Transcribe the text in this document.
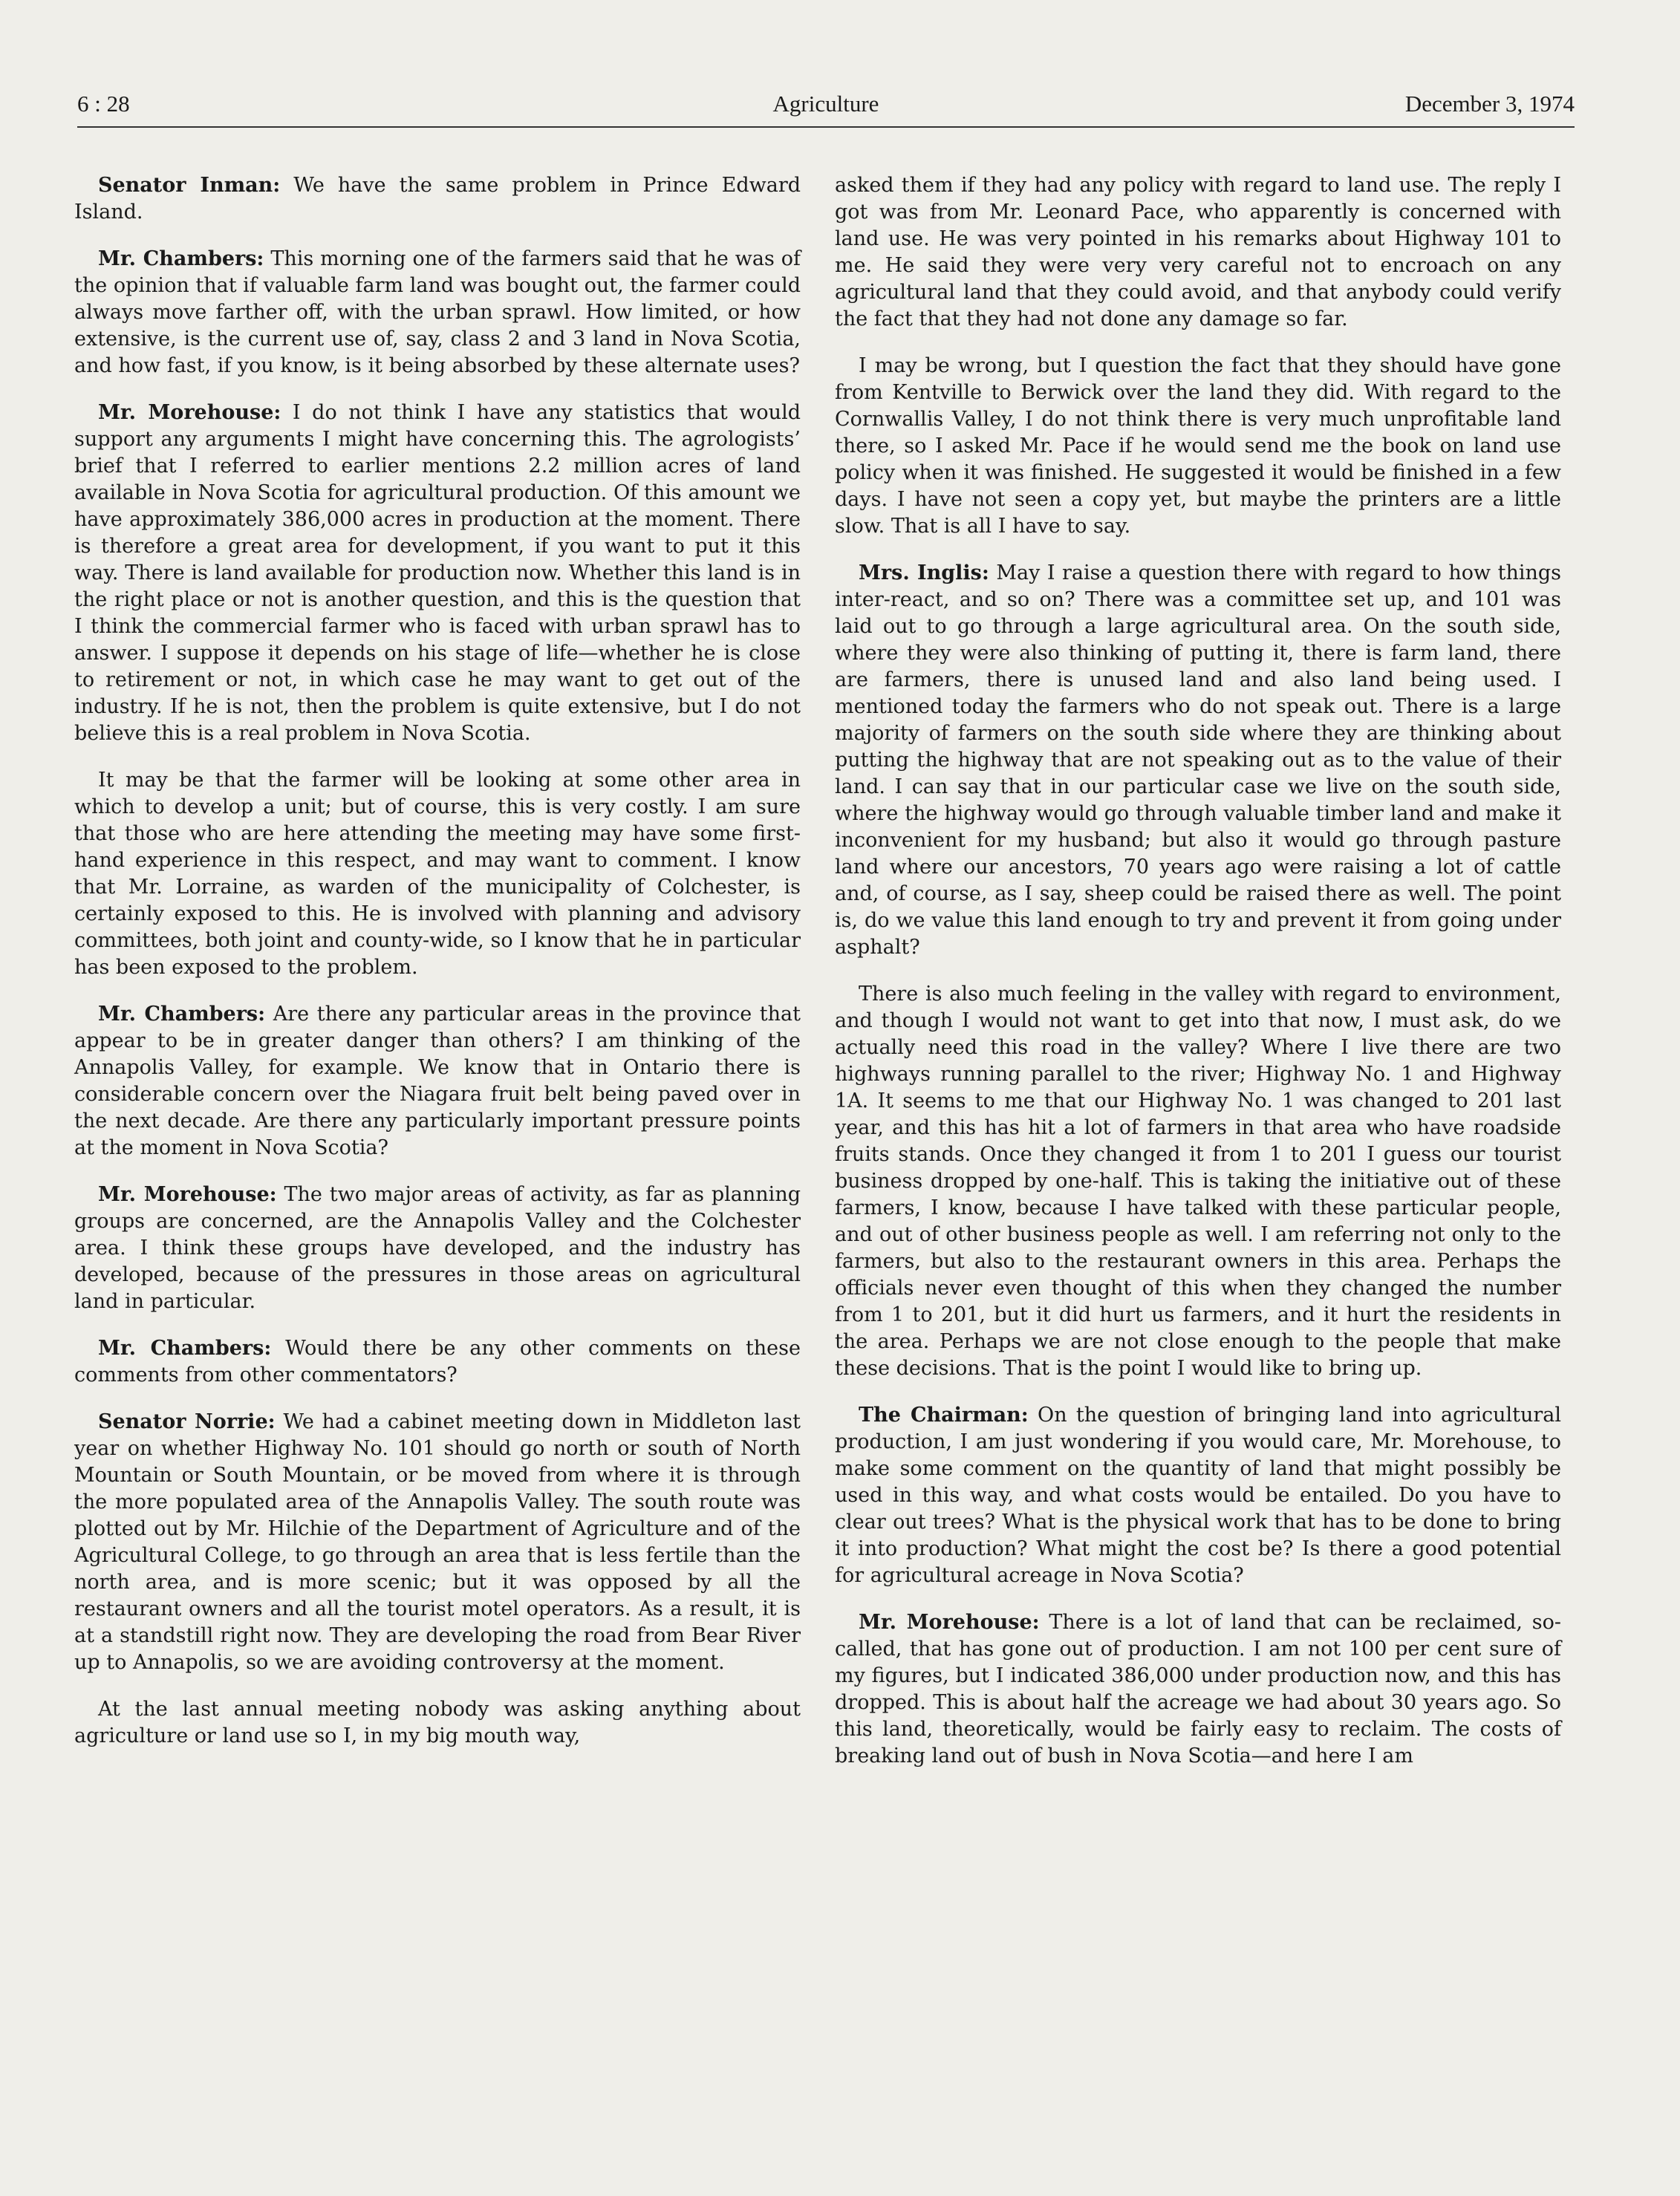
6 : 28	Agriculture	December 3, 1974

Senator Inman: We have the same problem in Prince Edward Island.

Mr. Chambers: This morning one of the farmers said that he was of the opinion that if valuable farm land was bought out, the farmer could always move farther off, with the urban sprawl. How limited, or how extensive, is the current use of, say, class 2 and 3 land in Nova Scotia, and how fast, if you know, is it being absorbed by these alternate uses?

Mr. Morehouse: I do not think I have any statistics that would support any arguments I might have concerning this. The agrologists’ brief that I referred to earlier mentions 2.2 million acres of land available in Nova Scotia for agricultural production. Of this amount we have approximately 386,000 acres in production at the moment. There is therefore a great area for development, if you want to put it this way. There is land available for production now. Whether this land is in the right place or not is another question, and this is the question that I think the commercial farmer who is faced with urban sprawl has to answer. I suppose it depends on his stage of life—whether he is close to retirement or not, in which case he may want to get out of the industry. If he is not, then the problem is quite extensive, but I do not believe this is a real problem in Nova Scotia.

It may be that the farmer will be looking at some other area in which to develop a unit; but of course, this is very costly. I am sure that those who are here attending the meeting may have some first-hand experience in this respect, and may want to comment. I know that Mr. Lorraine, as warden of the municipality of Colchester, is certainly exposed to this. He is involved with planning and advisory committees, both joint and county-wide, so I know that he in particular has been exposed to the problem.

Mr. Chambers: Are there any particular areas in the province that appear to be in greater danger than others? I am thinking of the Annapolis Valley, for example. We know that in Ontario there is considerable concern over the Niagara fruit belt being paved over in the next decade. Are there any particularly important pressure points at the moment in Nova Scotia?

Mr. Morehouse: The two major areas of activity, as far as planning groups are concerned, are the Annapolis Valley and the Colchester area. I think these groups have developed, and the industry has developed, because of the pressures in those areas on agricultural land in particular.

Mr. Chambers: Would there be any other comments on these comments from other commentators?

Senator Norrie: We had a cabinet meeting down in Middleton last year on whether Highway No. 101 should go north or south of North Mountain or South Mountain, or be moved from where it is through the more populated area of the Annapolis Valley. The south route was plotted out by Mr. Hilchie of the Department of Agriculture and of the Agricultural College, to go through an area that is less fertile than the north area, and is more scenic; but it was opposed by all the restaurant owners and all the tourist motel operators. As a result, it is at a standstill right now. They are developing the road from Bear River up to Annapolis, so we are avoiding controversy at the moment.

At the last annual meeting nobody was asking anything about agriculture or land use so I, in my big mouth way,

asked them if they had any policy with regard to land use. The reply I got was from Mr. Leonard Pace, who apparently is concerned with land use. He was very pointed in his remarks about Highway 101 to me. He said they were very very careful not to encroach on any agricultural land that they could avoid, and that anybody could verify the fact that they had not done any damage so far.

I may be wrong, but I question the fact that they should have gone from Kentville to Berwick over the land they did. With regard to the Cornwallis Valley, I do not think there is very much unprofitable land there, so I asked Mr. Pace if he would send me the book on land use policy when it was finished. He suggested it would be finished in a few days. I have not seen a copy yet, but maybe the printers are a little slow. That is all I have to say.

Mrs. Inglis: May I raise a question there with regard to how things inter-react, and so on? There was a committee set up, and 101 was laid out to go through a large agricultural area. On the south side, where they were also thinking of putting it, there is farm land, there are farmers, there is unused land and also land being used. I mentioned today the farmers who do not speak out. There is a large majority of farmers on the south side where they are thinking about putting the highway that are not speaking out as to the value of their land. I can say that in our particular case we live on the south side, where the highway would go through valuable timber land and make it inconvenient for my husband; but also it would go through pasture land where our ancestors, 70 years ago were raising a lot of cattle and, of course, as I say, sheep could be raised there as well. The point is, do we value this land enough to try and prevent it from going under asphalt?

There is also much feeling in the valley with regard to environment, and though I would not want to get into that now, I must ask, do we actually need this road in the valley? Where I live there are two highways running parallel to the river; Highway No. 1 and Highway 1A. It seems to me that our Highway No. 1 was changed to 201 last year, and this has hit a lot of farmers in that area who have roadside fruits stands. Once they changed it from 1 to 201 I guess our tourist business dropped by one-half. This is taking the initiative out of these farmers, I know, because I have talked with these particular people, and out of other business people as well. I am referring not only to the farmers, but also to the restaurant owners in this area. Perhaps the officials never even thought of this when they changed the number from 1 to 201, but it did hurt us farmers, and it hurt the residents in the area. Perhaps we are not close enough to the people that make these decisions. That is the point I would like to bring up.

The Chairman: On the question of bringing land into agricultural production, I am just wondering if you would care, Mr. Morehouse, to make some comment on the quantity of land that might possibly be used in this way, and what costs would be entailed. Do you have to clear out trees? What is the physical work that has to be done to bring it into production? What might the cost be? Is there a good potential for agricultural acreage in Nova Scotia?

Mr. Morehouse: There is a lot of land that can be reclaimed, so-called, that has gone out of production. I am not 100 per cent sure of my figures, but I indicated 386,000 under production now, and this has dropped. This is about half the acreage we had about 30 years ago. So this land, theoretically, would be fairly easy to reclaim. The costs of breaking land out of bush in Nova Scotia—and here I am
